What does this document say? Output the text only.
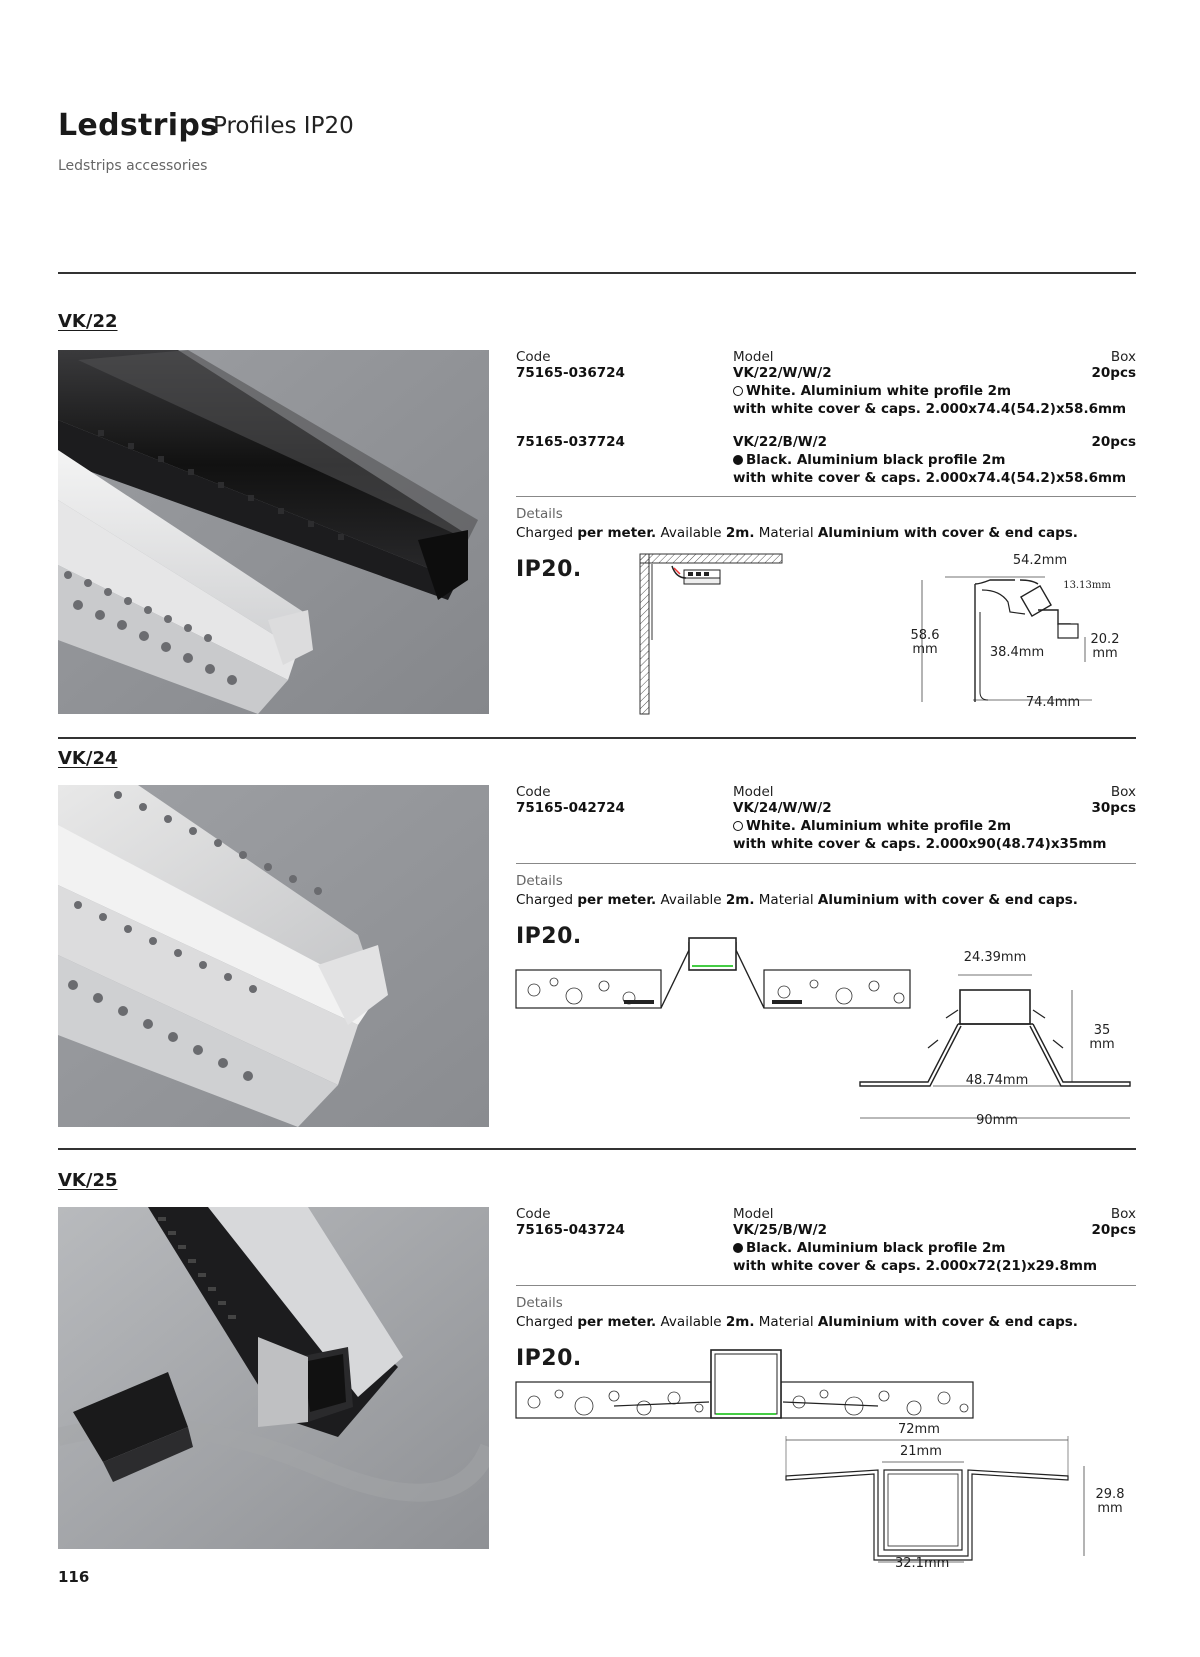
Ledstrips
Profiles IP20
Ledstrips accessories
VK/22
Code	Model	Box
75165-036724	VK/22/W/W/2	20pcs
White. Aluminium white profile 2m
with white cover & caps. 2.000x74.4(54.2)x58.6mm
75165-037724	VK/22/B/W/2	20pcs
Black. Aluminium black profile 2m
with white cover & caps. 2.000x74.4(54.2)x58.6mm
Details
Charged per meter. Available 2m. Material Aluminium with cover & end caps.
IP20.	54.2mm
13.13mm
58.6
mm	38.4mm
20.2
mm
74.4mm
VK/24
Code	Model	Box
75165-042724	VK/24/W/W/2	30pcs
White. Aluminium white profile 2m
with white cover & caps. 2.000x90(48.74)x35mm
Details
Charged per meter. Available 2m. Material Aluminium with cover & end caps.
IP20.
24.39mm
35
mm
48.74mm
90mm
VK/25
Code	Model	Box
75165-043724	VK/25/B/W/2	20pcs
Black. Aluminium black profile 2m
with white cover & caps. 2.000x72(21)x29.8mm
Details
Charged per meter. Available 2m. Material Aluminium with cover & end caps.
IP20.
72mm
21mm
29.8
mm
32.1mm
116
